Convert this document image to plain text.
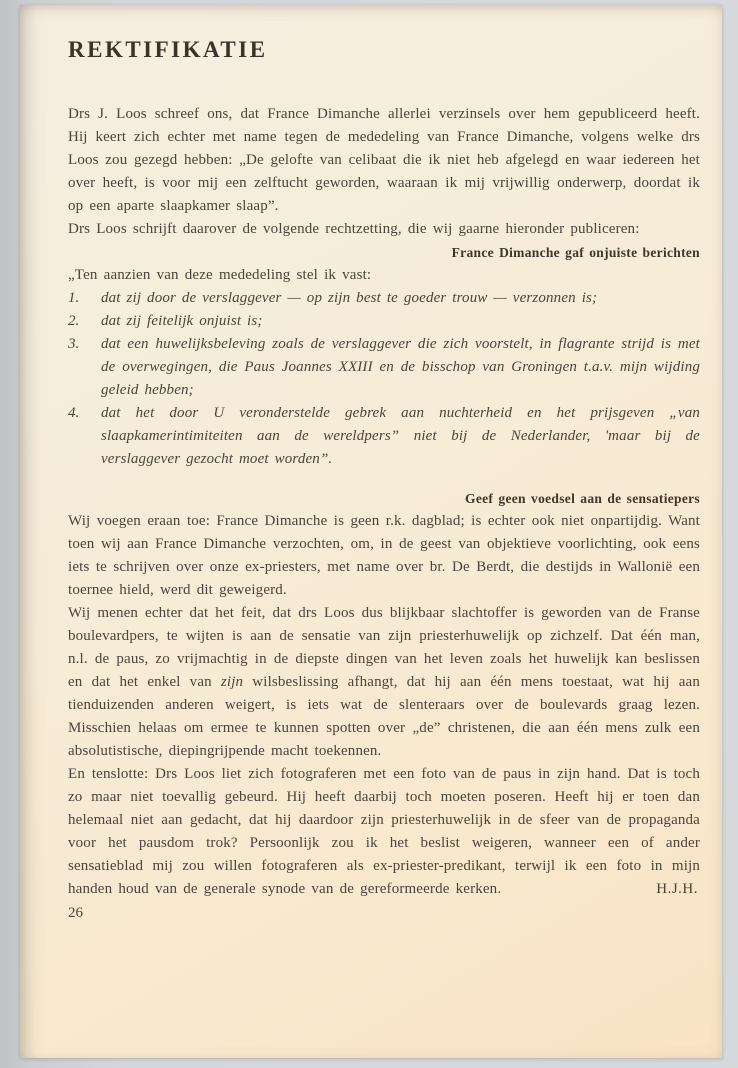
REKTIFIKATIE

Drs J. Loos schreef ons, dat France Dimanche allerlei verzinsels over hem gepubliceerd heeft. Hij keert zich echter met name tegen de mededeling van France Dimanche, volgens welke drs Loos zou gezegd hebben: „De gelofte van celibaat die ik niet heb afgelegd en waar iedereen het over heeft, is voor mij een zelftucht geworden, waaraan ik mij vrijwillig onderwerp, doordat ik op een aparte slaapkamer slaap”.

Drs Loos schrijft daarover de volgende rechtzetting, die wij gaarne hieronder publiceren:

France Dimanche gaf onjuiste berichten

„Ten aanzien van deze mededeling stel ik vast:

1.	dat zij door de verslaggever — op zijn best te goeder trouw — verzonnen is;
2.	dat zij feitelijk onjuist is;
3.	dat een huwelijksbeleving zoals de verslaggever die zich voorstelt, in flagrante strijd is met de overwegingen, die Paus Joannes XXIII en de bisschop van Groningen t.a.v. mijn wijding geleid hebben;
4.	dat het door U veronderstelde gebrek aan nuchterheid en het prijsgeven „van slaapkamerintimiteiten aan de wereldpers” niet bij de Nederlander, 'maar bij de verslaggever gezocht moet worden”.
Geef geen voedsel aan de sensatiepers

Wij voegen eraan toe: France Dimanche is geen r.k. dagblad; is echter ook niet onpartijdig. Want toen wij aan France Dimanche verzochten, om, in de geest van objektieve voorlichting, ook eens iets te schrijven over onze ex-priesters, met name over br. De Berdt, die destijds in Wallonië een toernee hield, werd dit geweigerd.

Wij menen echter dat het feit, dat drs Loos dus blijkbaar slachtoffer is geworden van de Franse boulevardpers, te wijten is aan de sensatie van zijn priesterhuwelijk op zichzelf. Dat één man, n.l. de paus, zo vrijmachtig in de diepste dingen van het leven zoals het huwelijk kan beslissen en dat het enkel van zijn wilsbeslissing afhangt, dat hij aan één mens toestaat, wat hij aan tienduizenden anderen weigert, is iets wat de slenteraars over de boulevards graag lezen. Misschien helaas om ermee te kunnen spotten over „de” christenen, die aan één mens zulk een absolutistische, diepingrijpende macht toekennen.

En tenslotte: Drs Loos liet zich fotograferen met een foto van de paus in zijn hand. Dat is toch zo maar niet toevallig gebeurd. Hij heeft daarbij toch moeten poseren. Heeft hij er toen dan helemaal niet aan gedacht, dat hij daardoor zijn priesterhuwelijk in de sfeer van de propaganda voor het pausdom trok? Persoonlijk zou ik het beslist weigeren, wanneer een of ander sensatieblad mij zou willen fotograferen als ex-priester-predikant, terwijl ik een foto in mijn handen houd van de generale synode van de gereformeerde kerken.	H.J.H.

26
